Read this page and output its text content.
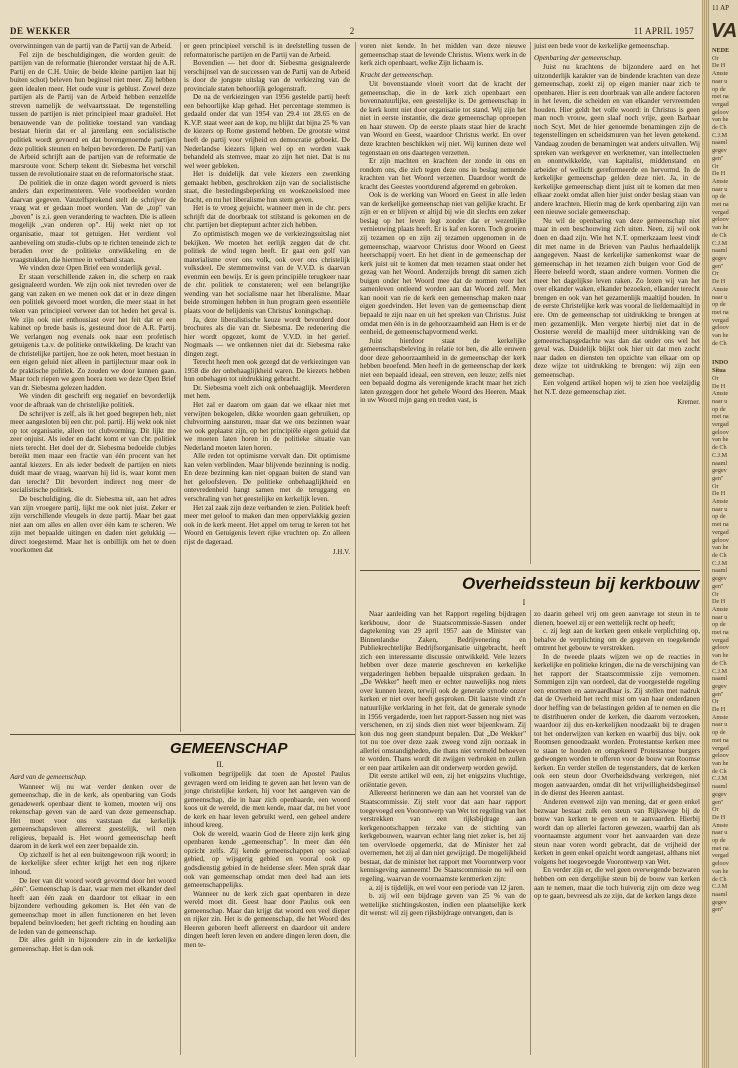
DE WEKKER	2	11 APRIL 1957

overwinningen van de partij van de Partij van de Arbeid.

Fel zijn de beschuldigingen, die worden geuit: de partijen van de reformatie (hieronder verstaat hij de A.R. Partij en de C.H. Unie; de beide kleine partijen laat hij buiten schot) beleven hun beginsel niet meer. Zij hebben geen idealen meer. Het oude vuur is geblust. Zowel deze partijen als de Partij van de Arbeid hebben eenzelfde streven namelijk de welvaartsstaat. De tegenstelling tussen de partijen is niet principieel maar graduëel. Het benauwende van de politieke toestand van vandaag bestaat hierin dat er al jarenlang een socialistische politiek wordt gevoerd en dat bovengenoemde partijen deze politiek steunen en helpen bevorderen. De Partij van de Arbeid schrijft aan de partijen van de reformatie de marsroute voor. Scherp tekent dr. Siebesma het verschil tussen de revolutionaire staat en de reformatorische staat.

De politiek die in onze dagen wordt gevoerd is niets anders dan experimenteren. Vele voorbeelden worden daarvan gegeven. Vanzelfsprekend stelt de schrijver de vraag wat er gedaan moet worden. Van de „top" van „boven" is z.i. geen verandering te wachten. Die is alleen mogelijk „van onderen op". Hij wekt niet op tot organisatie, maar tot getuigen. Het verdient vol aanbeveling om studie-clubs op te richten teneinde zich te beraden over de politieke ontwikkeling en de vraagstukken, die hiermee in verband staan.

We vinden deze Open Brief een wonderlijk geval.

Er staan verschillende zaken in, die scherp en raak gesignaleerd worden. We zijn ook niet tevreden over de gang van zaken en we menen ook dat er in deze dingen een politiek gevoerd moet worden, die meer staat in het teken van principieel verweer dan tot heden het geval is. We zijn ook niet enthousiast over het feit dat er een kabinet op brede basis is, gesteund door de A.R. Partij. We verlangen nog evenals ook naar een profetisch getuigenis t.a.v. de politieke ontwikkeling. De kracht van de christelijke partijen, hoe ze ook heten, moet bestaan in een eigen geluid niet alleen in partijlectuur maar ook in de praktische politiek. Zo zouden we door kunnen gaan. Maar toch riepen we geen hoera toen we deze Open Brief van dr. Siebesma gelezen hadden.

We vinden dit geschrift erg negatief en bevorderlijk voor de afbraak van de christelijke politiek.

De schrijver is zelf, als ik het goed begrepen heb, niet meer aangesloten bij een chr. pol. partij. Hij wekt ook niet op tot organisatie, alleen tot clubvorming. Dit lijkt me zeer onjuist. Als ieder en dacht komt er van chr. politiek niets terecht. Het doel der dr. Siebesma bedoelde clubjes bereikt men maar een fractie van één procent van het aantal kiezers. En als ieder bedeelt de partijen en niets duidt maar de vraag, waarvan hij lid is, waar komt men dan terecht? Dit bevordert indirect nog meer de socialistische politiek.

De beschuldiging, die dr. Siebesma uit, aan het adres van zijn vroegere partij, lijkt me ook niet juist. Zeker er zijn verschillende vleugels in deze partij. Maar het gaat niet aan om alles en allen over één kam te scheren. We zijn met bepaalde uitingen en daden niet gelukkig — direct toegestemd. Maar het is onbillijk om het te doen voorkomen dat

er geen principieel verschil is in deelstelling tussen de reformatorische partijen en de Partij van de Arbeid.

Bovendien — het door dr. Siebesma gesignaleerde verschijnsel van de successen van de Partij van de Arbeid is door de jongste uitslag van de verkiezing van de provinciale staten behoorlijk gelogenstraft.

De na de verkiezingen van 1956 gestelde partij heeft een behoorlijke klap gehad. Het percentage stemmen is gedaald onder dat van 1954 van 29.4 tot 28.65 en de K.V.P. staat weer aan de kop, nu blijkt dat bijna 25 % van de kiezers op Rome gestemd hebben. De grootste winst heeft de partij voor vrijheid en democratie geboekt. De Nederlandse kiezers lijken wel op en worden vaak behandeld als stemvee, maar zo zijn het niet. Dat is nu wel weer gebleken.

Het is duidelijk dat vele kiezers een zwenking gemaakt hebben, geschrokken zijn van de socialistische staat, die bestedingsbeperking en woekzoeksloed mee bracht, en nu het liberalisme hun stem geven.

Het is te vroeg gejuicht, wanneer men in de chr. pers schrijft dat de doorbraak tot stilstand is gekomen en de chr. partijen het dieptepunt achter zich hebben.

Zo optimistisch mogen we de verkiezingsuitslag niet bekijken. We moeten het eerlijk zeggen dat de chr. politiek de wind tegen heeft. Er gaat een golf van materialisme over ons volk, ook over ons christelijk volksdeel. De stemmenwinst van de V.V.D. is daarvan evenmin een bewijs. Er is geen principiële terugkeer naar de chr. politiek te constateren; wel een belangrijke wending van het socialisme naar het liberalisme. Maar beide stromingen hebben in hun program geen essentiële plaats voor de belijdenis van Christus' koningschap.

Ja, deze liberalistische keuze wordt bevorderd door brochures als die van dr. Siebesma. De redenering die hier wordt opgezet, komt de V.V.D. in het gerief. Nogmaals — we ontkennen niet dat dr. Siebesma rake dingen zegt.

Terecht heeft men ook gezegd dat de verkiezingen van 1958 die der onbehaaglijkheid waren. De kiezers hebben hun onbehagen tot uitdrukking gebracht.

Dr. Siebesma voelt zich ook onbehaaglijk. Meerderen met hem.

Het zal er daarom om gaan dat we elkaar niet met verwijten bekogelen, dikke woorden gaan gebruiken, op clubvorming aansturen, maar dat we ons bezinnen waar we ook geplaatst zijn, op het principiële eigen geluid dat we moeten laten horen in de politieke situatie van Nederland moeten laten horen.

Alle reden tot optimisme vervalt dan. Dit optimisme kan velen verblinden. Maar blijvende bezinning is nodig. En deze bezinning kan niet opgaan buiten de stand van het geloofsleven. De politieke onbehaaglijkheid en ontevredenheid hangt samen met de teruggang en verschraling van het geestelijke en kerkelijk leven.

Het zal zaak zijn deze verbanden te zien. Politiek heeft meer met geloof to maken dan men oppervlakkig gezien ook in de kerk meent. Het appel om terug te keren tot het Woord en Getuigenis levert rijke vruchten op. Zo alleen rijst de dageraad.

J.H.V.

voren niet kende. In het midden van deze nieuwe gemeenschap staat de levende Christus. Wienx werk in de kerk zich openbaart, welke Zijn lichaam is.

Kracht der gemeenschap.

Uit bovenstaande vloeit voort dat de kracht der gemeenschap, die in de kerk zich openbaart een bovennatuurlijke, een geestelijke is. De gemeenschap in de kerk komt niet door organisatie tot stand. Wij zijn het niet in eerste instantie, die deze gemeenschap oproepen en haar stuwen. Op de eerste plaats staat hier de kracht van Woord en Geest, waardoor Christus werkt. En over deze krachten beschikken wij niet. Wij kunnen deze wel tegenstaan en ons daartegen verzetten.

Er zijn machten en krachten der zonde in ons en rondom ons, die zich tegen deze ons in beslag nemende krachten van het Woord verzetten. Daardoor wordt de kracht des Geestes voortdurend afgeremd en gebroken.

Ook is de werking van Woord en Geest in alle leden van de kerkelijke gemeenschap niet van gelijke kracht. Er zijn er en er blijven er altijd bij wie dit slechts een zeker beslag op het leven legt zonder dat er wezenlijke vernieuwing plaats heeft. Er is kaf en koren. Toch groeien zij tezamen op en zijn zij tezamen opgenomen in de gemeenschap, waarvoor Christus door Woord en Geest heerschappij voert. En het dient in de gemeenschap der kerk juist uit te komen dat men tezamen staat onder het gezag van het Woord. Anderzijds brengt dit samen zich buigen onder het Woord mee dat de normen voor het samenleven ontleend worden aan dat Woord zelf. Men kan nooit van rie de kerk een gemeenschap maken naar eigen goedvinden. Het leven van de gemeenschap dient bepaald te zijn naar en uit het spreken van Christus. Juist omdat men één is in de gehoorzaamheid aan Hem is er de eenheid, de gemeenschapvormend werkt.

Juist hierdoor staat de kerkelijke gemeenschapsbeleving in relatie tot ben, die alle eeuwen door deze gehoorzaamheid in de gemeenschap der kerk hebben beoefend. Men heeft in de gemeenschap der kerk niet een bepaald ideaal, een streven, een leuze; zelfs niet een bepaald dogma als verenigende kracht maar het zich laten gezeggen door het gehele Woord des Heeren. Maak in uw Woord mijn gang en treden vast, is

juist een bede voor de kerkelijke gemeenschap.

Openbaring der gemeenschap.

Juist nu krachtens de bijzondere aard en het uitzonderlijk karakter van de bindende krachten van deze gemeenschap, zoekt zij op eigen manier naar zich te openbaren. Hier is een doorbraak van alle andere factoren in het leven, die scheiden en van elkander vervreemden houden. Hier geldt het volle woord: in Christus is geen man noch vrouw, geen slaaf noch vrije, geen Barbaar noch Scyt. Met de hier genoemde benamingen zijn de tegenstellingen en scheidsmuren van het leven getekend. Vandaag zouden de benamingen wat anders uitvallen. Wij spreken van werkgever en werknemer, van intellectuelen en onontwikkelde, van kapitalist, middenstand en arbeider of wellicht gereformeerde en hervormd. In de kerkelijke gemeenschap gelden deze niet. Ja, in de kerkelijke gemeenschap dient juist uit te komen dat men elkaar zoekt omdat allen hier juist onder beslag staan van andere krachten. Hierin mag de kerk openbaring zijn van een nieuwe sociale gemeenschap.

Nu wil de openbaring van deze gemeenschap niet maar in een beschouwing zich uiten. Neen, zij wil ook doen en daad zijn. Wie het N.T. opmerkzaam leest vindt dit met name in de Brieven van Paulus herhaaldelijk aangegeven. Naast de kerkelijke samenkomst waar de gemeenschap in het tezamen zich buigen voor God de Heere beleefd wordt, staan andere vormen. Vormen die meer het dagelijkse leven raken. Zo lezen wij van het over elkander waken, elkander bezoeken, elkander terecht brengen en ook van het gezamenlijk maaltijd houden. In de eerste Christelijke kerk was vooral de liefdemaaltijd in ere. Om de gemeenschap tot uitdrukking te brengen at men gezamenlijk. Men vergete hierbij niet dat in de Oosterse wereld de maaltijd meer uitdrukking van de gemeenschapsgedachte was dan dat onder ons wel het geval was. Duidelijk blijkt ook hier uit dat men zocht naar daden en diensten ten opzichte van elkaar om op deze wijze tot uitdrukking te brengen: wij zijn een gemeenschap.

Een volgend artikel hopen wij te zien hoe veelzijdig het N.T. deze gemeenschap ziet.

Kremer.

Overheidssteun bij kerkbouw
I

Naar aanleiding van het Rapport regeling bijdragen kerkbouw, door de Staatscommissie-Sassen onder dagtekening van 29 april 1957 aan de Minister van Binnenlandse Zaken, Bedrijvenering en Publiekrechtelijke Bedrijfsorganisatie uitgebracht, heeft zich een interessante discussie ontwikkeld. Vele lezers hebben over deze materie geschreven en kerkelijke vergaderingen hebben bepaalde uitspraken gedaan. In „De Wekker" heeft men er echter nauwelijks nog niets over kunnen lezen, terwijl ook de generale synode onzer kerken er niet over heeft gesproken. Dit laatste vindt z'n natuurlijke verklaring in het feit, dat de generale synode in 1956 vergaderde, toen het rapport-Sassen nog niet was verschenen, en zij sinds dien niet weer bijeenkwam. Zij kon dus nog geen standpunt bepalen. Dat „De Wekker" tot nu toe over deze zaak zweeg vond zijn oorzaak in allerlei omstandigheden, die thans niet vermeld behoeven te worden. Thans wordt dit zwijgen verbroken en zullen er een paar artikelen aan dit onderwerp worden gewijd.

Dit eerste artikel wil een, zij het enigszins vluchtige, oriëntatie geven.

Allereerst herinneren we dan aan het voorstel van de Staatscommissie. Zij stelt voor dat aan haar rapport toegevoegd een Voorontwerp van Wet tot regeling van het verstrekken van een rijksbijdrage aan kerkgenootschappen terzake van de stichting van kerkgebouwen, waarvan echter lang niet zeker is, het zij ten overvloede opgemerkt, dat de Minister het zal overnemen, het zij al dan niet gewijzigd. De mogelijkheid bestaat, dat de minister het rapport met Voorontwerp voor kennisgeving aanneemt! De Staatscommissie nu wil een regeling, waarvan de voornaamste kenmerken zijn:

a. zij is tijdelijk, en wel voor een periode van 12 jaren.

b. zij wil een bijdrage geven van 25 % van de wettelijke stichtingskosten, indien een plaatselijke kerk dit wenst: wil zij geen rijksbijdrage ontvangen, dan is

zo daarin geheel vrij om geen aanvrage tot steun in te dienen, hoewel zij er een wettelijk recht op heeft;

c. zij legt aan de kerken geen enkele verplichting op, behalve de verplichting om de gegeven en toegekende omtrent het gebouw te verstrekken.

In de tweede plaats wijzen we op de reacties in kerkelijke en politieke kringen, die na de verschijning van het rapport der Staatscommissie zijn vernomen. Sommigen zijn van oordeel, dat de voorgestelde regeling een enormen en aanvaardbaar is. Zij stellen met nadruk dat de Overheid het recht mist om van haar onderdanen door heffing van de belastingen gelden af te nemen en die te distribueren onder de kerken, die daarom verzoeken, waardoor zij dus en-kerkelijken noodzaakt bij te dragen tot het onderwijzen van kerken en waarbij dus bijv. ook Roomsen genoodzaakt worden. Protestantse kerken mee te staan te houden en omgekeerd Protestantse burgers gedwongen worden te offeren voor de bouw van Roomse kerken. En verder stellen de tegenstanders, dat de kerken ook een steun door Overheidsdwang verkregen, niet mogen aanvaarden, omdat dit het vrijwilligheidsbeginsel in de dienst des Heeren aantast.

Anderen evenwel zijn van mening, dat er geen enkel bezwaar bestaat zulk een steun van Rijkswege bij de bouw van kerken te geven en te aanvaarden. Hierbij wordt dan op allerlei factoren gewezen, waarbij dan als voornaamste argument voor het aanvaarden van deze steun naar voren wordt gebracht, dat de vrijheid der kerken in geen enkel opzicht wordt aangetast, althans niet volgens het toegevoegde Voorontwerp van Wet.

En verder zijn er, die wel geen overwegende bezwaren hebben om een dergelijke steun bij de bouw van kerken aan te nemen, maar die toch huiverig zijn om deze weg op te gaan, bevreesd als ze zijn, dat de kerken langs deze

GEMEENSCHAP
II.

Aard van de gemeenschap.

Wanneer wij nu wat verder denken over de gemeenschap, die in de kerk, als openbaring van Gods genadewerk openbaar dient te komen, moeten wij ons rekenschap geven van de aard van deze gemeenschap. Het moet voor ons vaststaan dat kerkelijk gemeenschapsleven allereerst geestelijk, wil men religieus, bepaald is. Het woord gemeenschap heeft daarom in de kerk wel een zeer bepaalde zin.

Op zichzelf is het al een buitengewoon rijk woord; in de kerkelijke sfeer echter krijgt het een nog rijkere inhoud.

De leer van dit woord wordt gevormd door het woord „één". Gemeenschap is daar, waar men met elkander deel heeft aan één zaak en daardoor tot elkaar in een bijzondere verhouding gekomen is. Het één van de gemeenschap moet in allen functioneren en het leven bepalend beïnvloeden; het geeft richting en houding aan de leden van de gemeenschap.

Dit alles geldt in bijzondere zin in de kerkelijke gemeenschap. Het is dan ook

volkomen begrijpelijk dat toen de Apostel Paulus gevragen werd om leiding te geven aan het leven van de jonge christelijke kerken, hij voor het aangeven van de gemeenschap, die in haar zich openbaarde, een woord koos uit de wereld, die men kende, maar dat, nu het voor de kerk en haar leven gebruikt werd, een geheel andere inhoud kreeg.

Ook de wereld, waarin God de Heere zijn kerk ging openbaren kende „gemeenschap". In meer dan één opzicht zelfs. Zij kende gemeenschappen op sociaal gebied, op wijsgerig gebied en vooral ook op godsdienstig gebied in de heidense sfeer. Men sprak daar ook van gemeenschap omdat men deel had aan iets gemeenschappelijks.

Wanneer nu de kerk zich gaat openbaren in deze wereld moet dit. Geest haar door Paulus ook een gemeenschap. Maar dan krijgt dat woord een veel dieper en rijker zin. Het is de gemeenschap, die het Woord des Heeren geboren heeft allereerst en daardoor uit andere dingen heeft leren leven en andere dingen leren doen, die men te-

11 AP
VA
NEDE
Or
De H
Amste
naar u
op de
met na
vergad
geloov
van he
de Ch
C.J.M
naaml
gegev
gen"
Or
De H
Amste
naar u
op de
met na
vergad
geloov
van he
de Ch
C.J.M
naaml
gegev
gen"
Or
De H
Amste
naar u
op de
met na
vergad
geloov
van he
de Ch
INDO
Situa
Or
De H
Amste
naar u
op de
met na
vergad
geloov
van he
de Ch
C.J.M
naaml
gegev
gen"
Or
De H
Amste
naar u
op de
met na
vergad
geloov
van he
de Ch
C.J.M
naaml
gegev
gen"
Or
De H
Amste
naar u
op de
met na
vergad
geloov
van he
de Ch
C.J.M
naaml
gegev
gen"
Or
De H
Amste
naar u
op de
met na
vergad
geloov
van he
de Ch
C.J.M
naaml
gegev
gen"
Or
De H
Amste
naar u
op de
met na
vergad
geloov
van he
de Ch
C.J.M
naaml
gegev
gen"
